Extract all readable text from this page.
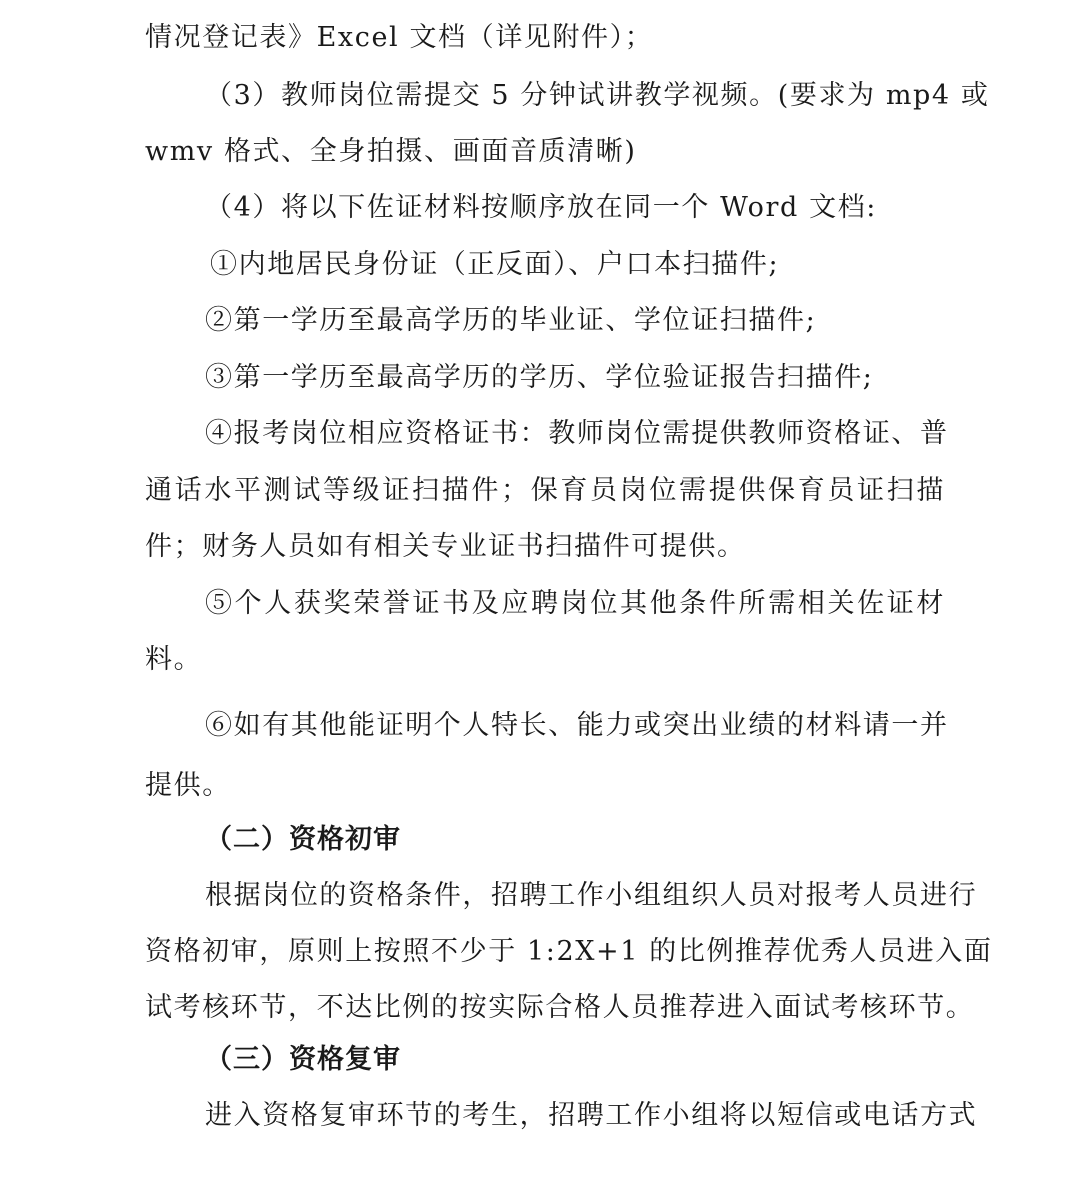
情况登记表》Excel 文档（详见附件）；
（3）教师岗位需提交 5 分钟试讲教学视频。(要求为 mp4 或
wmv 格式、全身拍摄、画面音质清晰)
（4）将以下佐证材料按顺序放在同一个 Word 文档:
①内地居民身份证（正反面）、户口本扫描件;
②第一学历至最高学历的毕业证、学位证扫描件;
③第一学历至最高学历的学历、学位验证报告扫描件;
④报考岗位相应资格证书：教师岗位需提供教师资格证、普
通话水平测试等级证扫描件；保育员岗位需提供保育员证扫描
件；财务人员如有相关专业证书扫描件可提供。
⑤个人获奖荣誉证书及应聘岗位其他条件所需相关佐证材
料。
⑥如有其他能证明个人特长、能力或突出业绩的材料请一并
提供。
（二）资格初审
根据岗位的资格条件，招聘工作小组组织人员对报考人员进行
资格初审，原则上按照不少于 1:2X+1 的比例推荐优秀人员进入面
试考核环节，不达比例的按实际合格人员推荐进入面试考核环节。
（三）资格复审
进入资格复审环节的考生，招聘工作小组将以短信或电话方式
